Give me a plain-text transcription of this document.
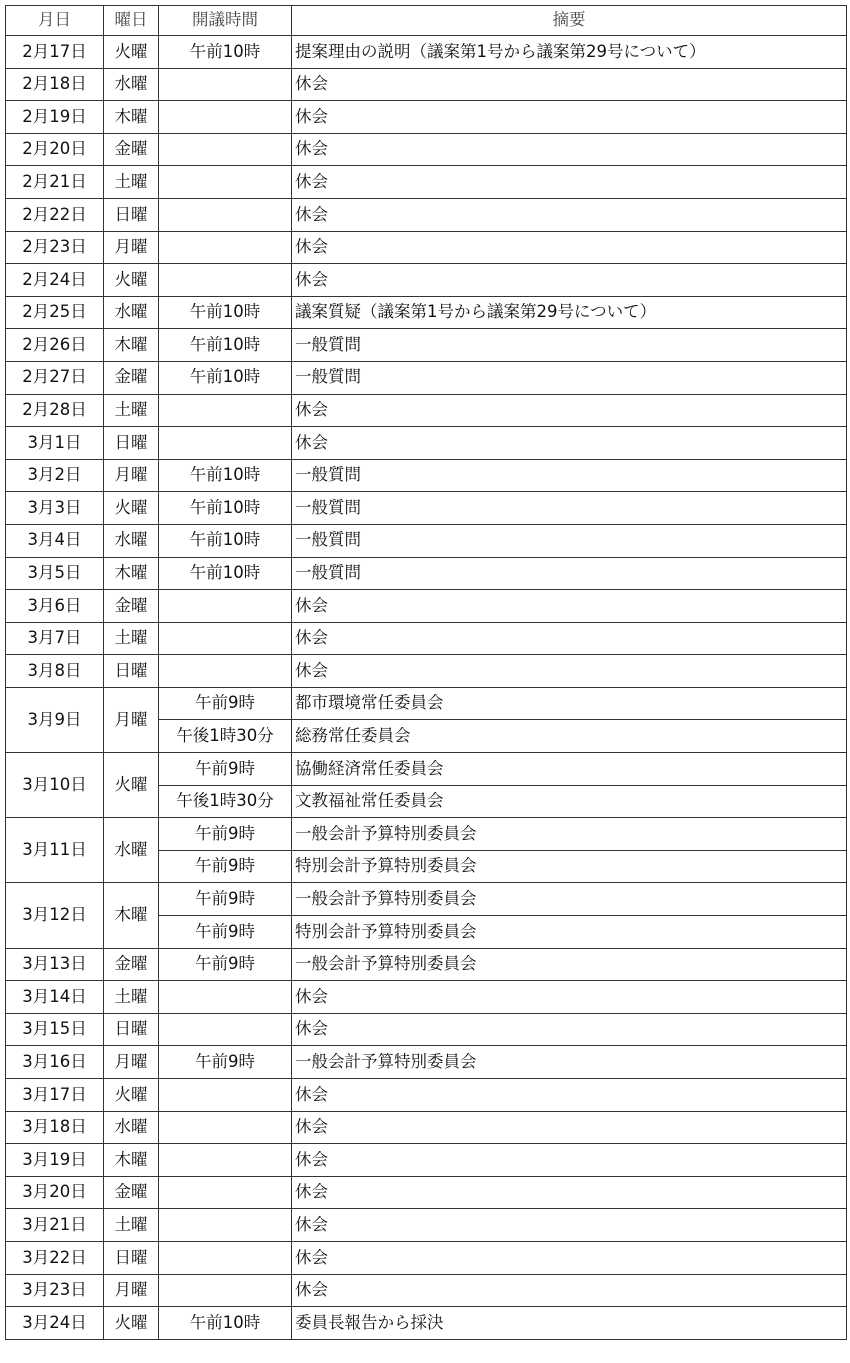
月日	曜日	開議時間	摘要
2月17日	火曜	午前10時	提案理由の説明（議案第1号から議案第29号について）
2月18日	水曜		休会
2月19日	木曜		休会
2月20日	金曜		休会
2月21日	土曜		休会
2月22日	日曜		休会
2月23日	月曜		休会
2月24日	火曜		休会
2月25日	水曜	午前10時	議案質疑（議案第1号から議案第29号について）
2月26日	木曜	午前10時	一般質問
2月27日	金曜	午前10時	一般質問
2月28日	土曜		休会
3月1日	日曜		休会
3月2日	月曜	午前10時	一般質問
3月3日	火曜	午前10時	一般質問
3月4日	水曜	午前10時	一般質問
3月5日	木曜	午前10時	一般質問
3月6日	金曜		休会
3月7日	土曜		休会
3月8日	日曜		休会
3月9日	月曜	午前9時	都市環境常任委員会
		午後1時30分	総務常任委員会
3月10日	火曜	午前9時	協働経済常任委員会
		午後1時30分	文教福祉常任委員会
3月11日	水曜	午前9時	一般会計予算特別委員会
		午前9時	特別会計予算特別委員会
3月12日	木曜	午前9時	一般会計予算特別委員会
		午前9時	特別会計予算特別委員会
3月13日	金曜	午前9時	一般会計予算特別委員会
3月14日	土曜		休会
3月15日	日曜		休会
3月16日	月曜	午前9時	一般会計予算特別委員会
3月17日	火曜		休会
3月18日	水曜		休会
3月19日	木曜		休会
3月20日	金曜		休会
3月21日	土曜		休会
3月22日	日曜		休会
3月23日	月曜		休会
3月24日	火曜	午前10時	委員長報告から採決
